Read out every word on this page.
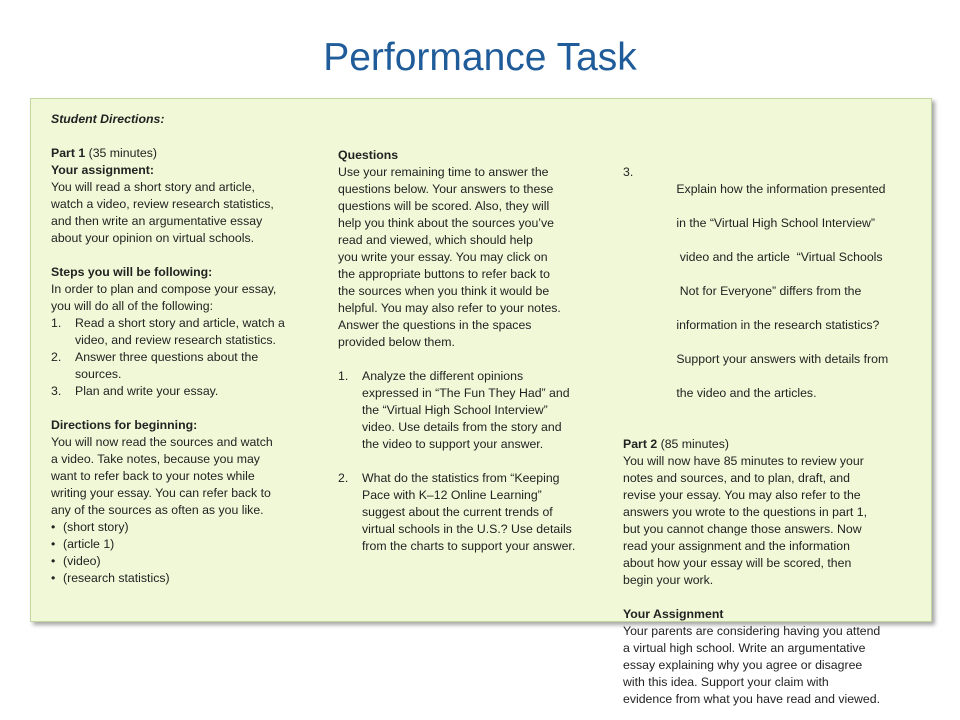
Performance Task

Student Directions:

Part 1 (35 minutes)

Your assignment:

You will read a short story and article,

watch a video, review research statistics,

and then write an argumentative essay

about your opinion on virtual schools.

Steps you will be following:

In order to plan and compose your essay,

you will do all of the following:

1.	Read a short story and article, watch a
video, and review research statistics.
2.	Answer three questions about the
sources.
3.	Plan and write your essay.

Directions for beginning:

You will now read the sources and watch

a video. Take notes, because you may

want to refer back to your notes while

writing your essay. You can refer back to

any of the sources as often as you like.

• (short story)
• (article 1)
• (video)
• (research statistics)

Questions

Use your remaining time to answer the

questions below. Your answers to these

questions will be scored. Also, they will

help you think about the sources you’ve

read and viewed, which should help

you write your essay. You may click on

the appropriate buttons to refer back to

the sources when you think it would be

helpful. You may also refer to your notes.

Answer the questions in the spaces

provided below them.

1.	Analyze the different opinions
expressed in “The Fun They Had” and
the “Virtual High School Interview”
video. Use details from the story and
the video to support your answer.
2.	What do the statistics from “Keeping
Pace with K–12 Online Learning”
suggest about the current trends of
virtual schools in the U.S.? Use details
from the charts to support your answer.
3.

Explain how the information presented

in the “Virtual High School Interview”

video and the article  “Virtual Schools

Not for Everyone” differs from the

information in the research statistics?

Support your answers with details from

the video and the articles.

Part 2 (85 minutes)

You will now have 85 minutes to review your

notes and sources, and to plan, draft, and

revise your essay. You may also refer to the

answers you wrote to the questions in part 1,

but you cannot change those answers. Now

read your assignment and the information

about how your essay will be scored, then

begin your work.

Your Assignment

Your parents are considering having you attend

a virtual high school. Write an argumentative

essay explaining why you agree or disagree

with this idea. Support your claim with

evidence from what you have read and viewed.
